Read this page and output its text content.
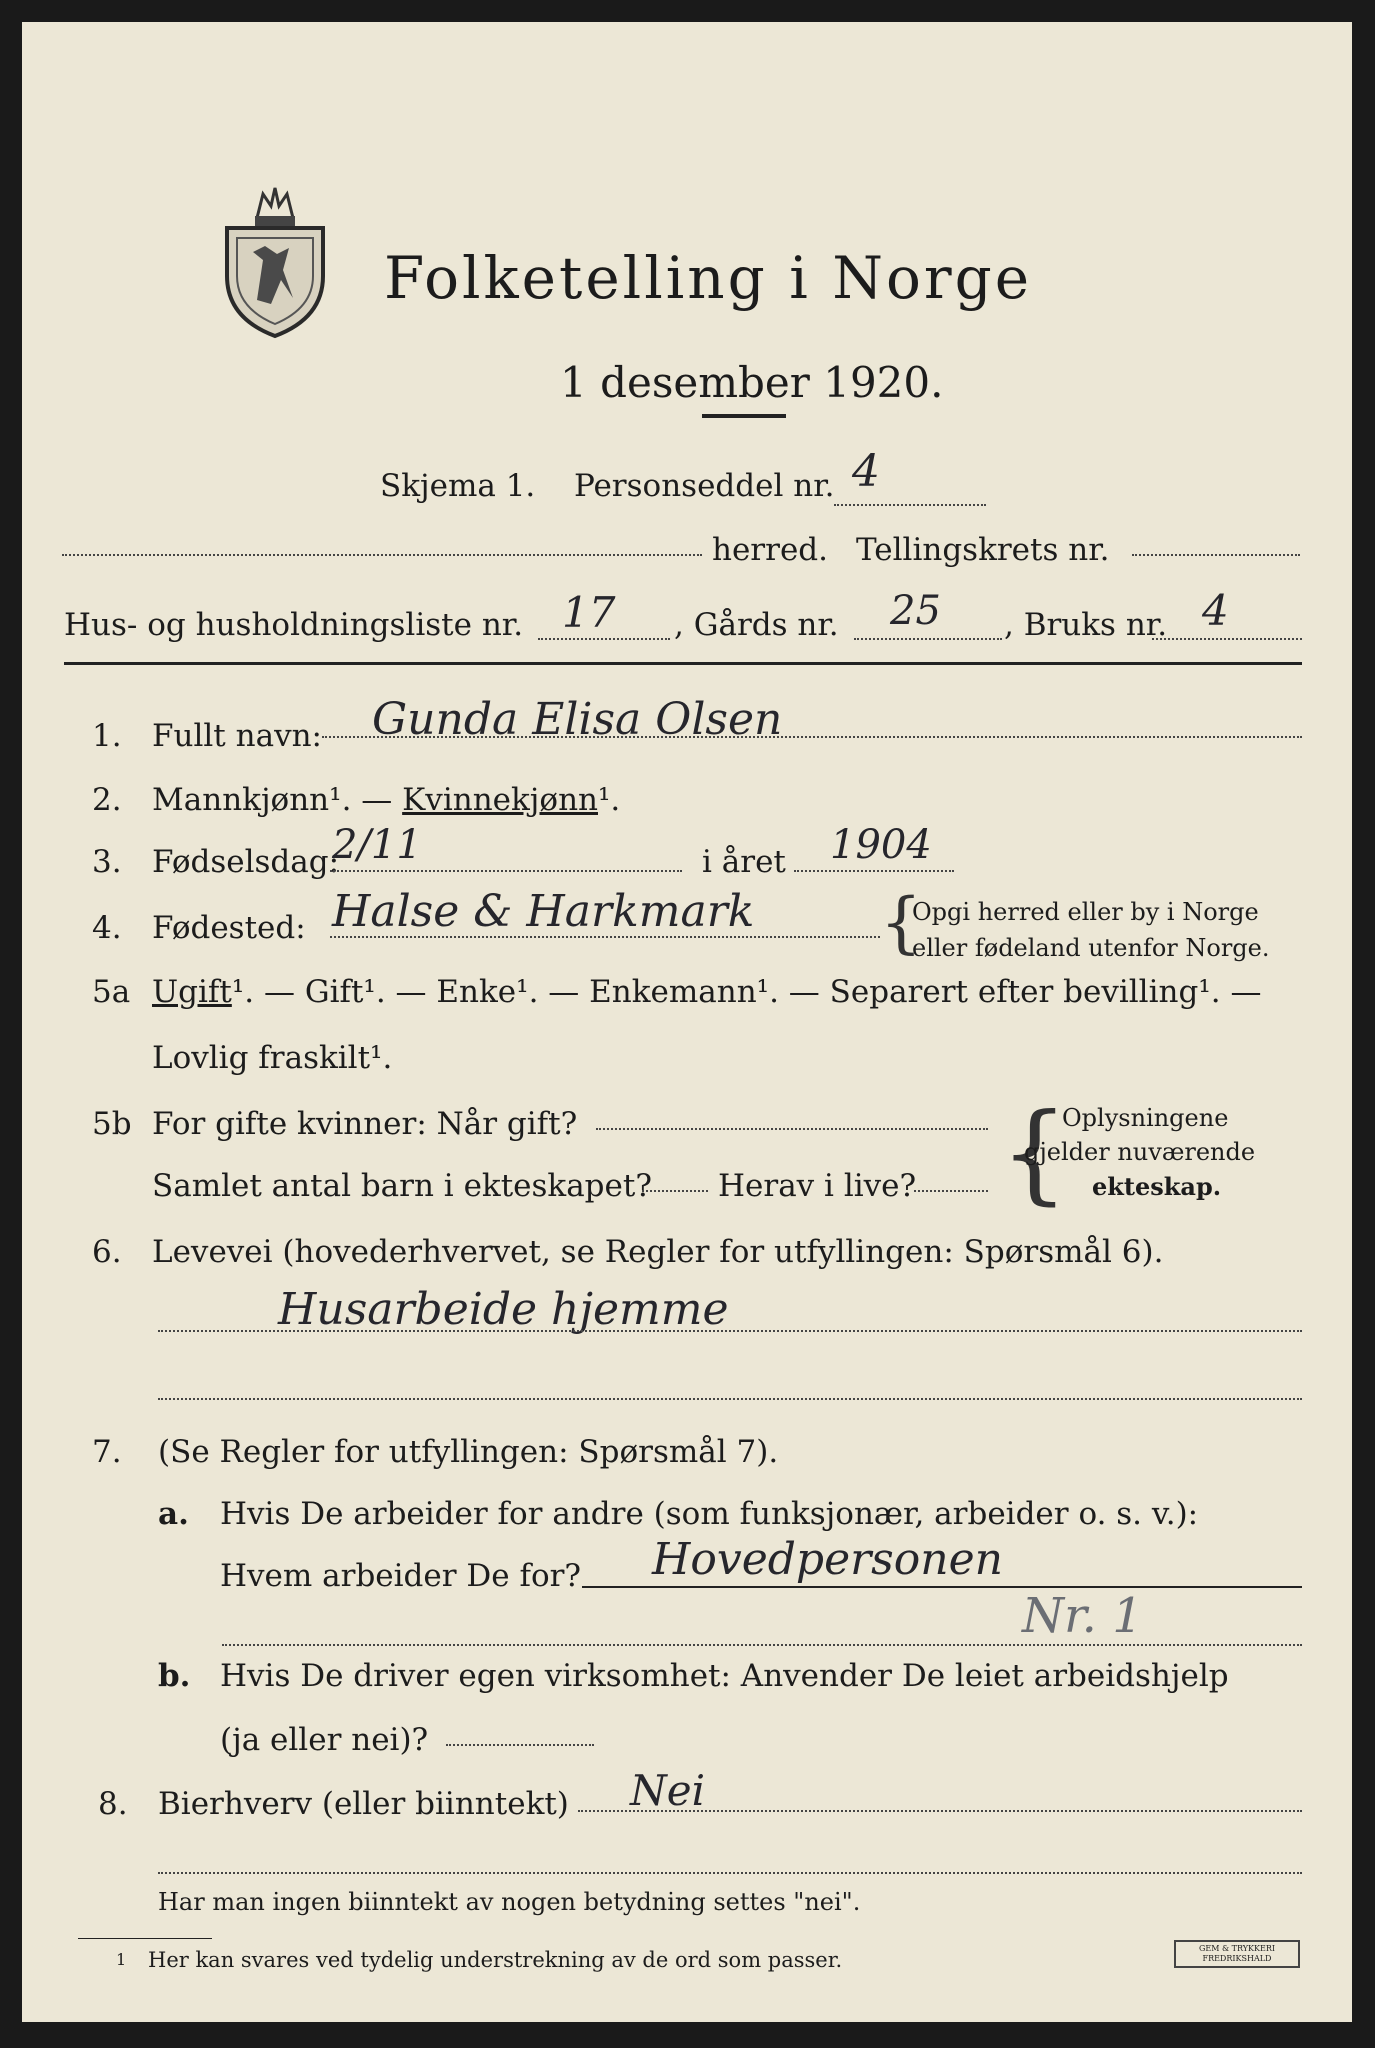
Folketelling i Norge
1 desember 1920.
Skjema 1. Personseddel nr. 4
herred. Tellingskrets nr.
Hus- og husholdningsliste nr. 17 , Gårds nr. 25 , Bruks nr. 4
1. Fullt navn: Gunda Elisa Olsen
2. Mannkjønn¹. — Kvinnekjønn¹.
3. Fødselsdag:
2/11	i året 1904
4. Fødested: Halse & Harkmark {
Opgi herred eller by i Norge
eller fødeland utenfor Norge.
5a Ugift¹. — Gift¹. — Enke¹. — Enkemann¹. — Separert efter bevilling¹. —
Lovlig fraskilt¹.
5b For gifte kvinner: Når gift?
Samlet antal barn i ekteskapet? Herav i live? {
Oplysningene
gjelder nuværende
ekteskap.
6. Levevei (hovederhvervet, se Regler for utfyllingen: Spørsmål 6).
Husarbeide hjemme
7. (Se Regler for utfyllingen: Spørsmål 7).
a. Hvis De arbeider for andre (som funksjonær, arbeider o. s. v.):
Hvem arbeider De for? Hovedpersonen
Nr. 1
b. Hvis De driver egen virksomhet: Anvender De leiet arbeidshjelp
(ja eller nei)?
8. Bierhverv (eller biinntekt) Nei
Har man ingen biinntekt av nogen betydning settes "nei".
1 Her kan svares ved tydelig understrekning av de ord som passer.	GEM & TRYKKERI FREDRIKSHALD
